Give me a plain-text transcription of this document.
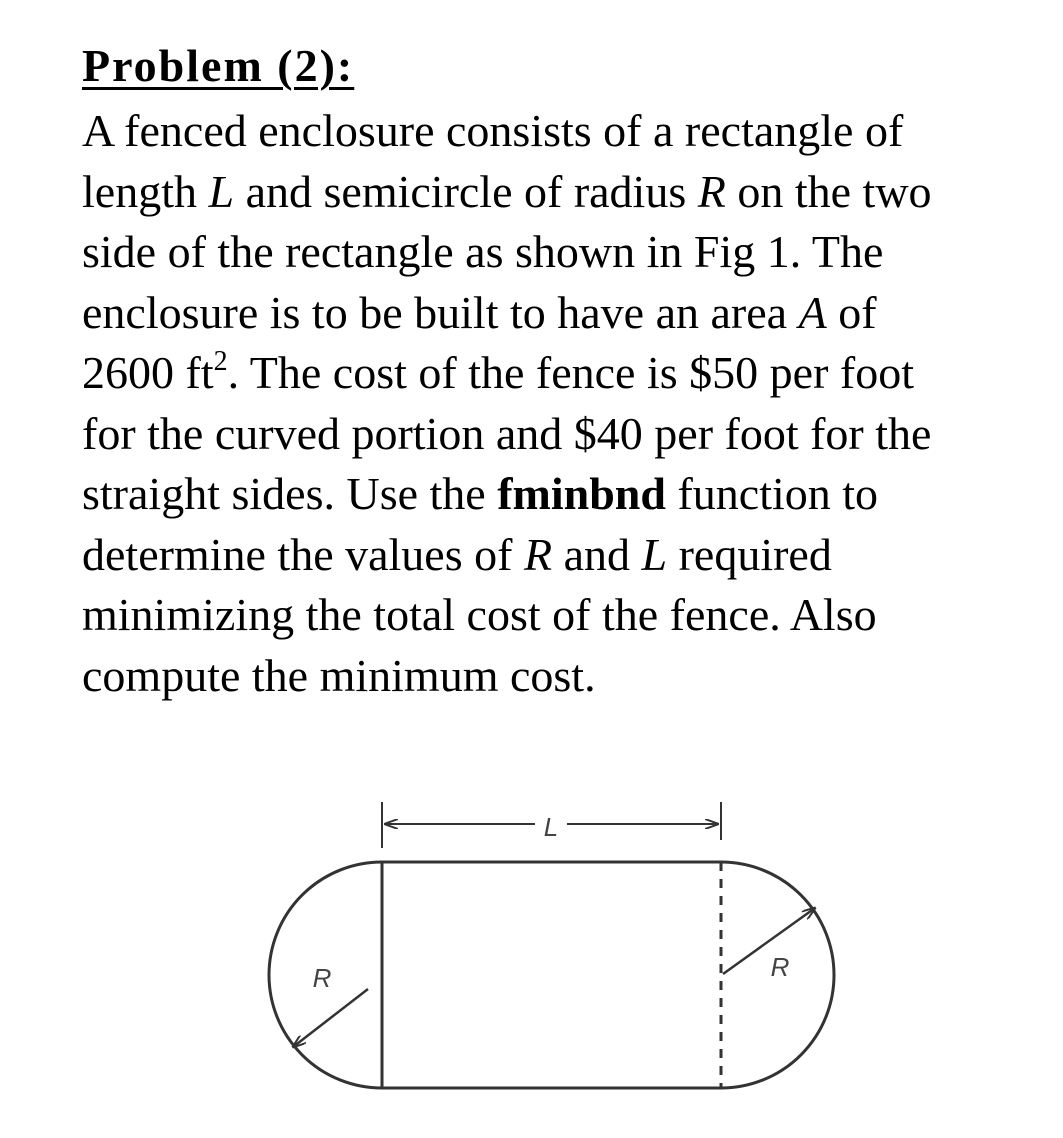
Problem (2):
A fenced enclosure consists of a rectangle of
length L and semicircle of radius R on the two
side of the rectangle as shown in Fig 1. The
enclosure is to be built to have an area A of
2600 $ft^2$. The cost of the fence is $50 per foot
for the curved portion and $40 per foot for the
straight sides. Use the fminbnd function to
determine the values of R and L required
minimizing the total cost of the fence. Also
compute the minimum cost.
L
R	R
